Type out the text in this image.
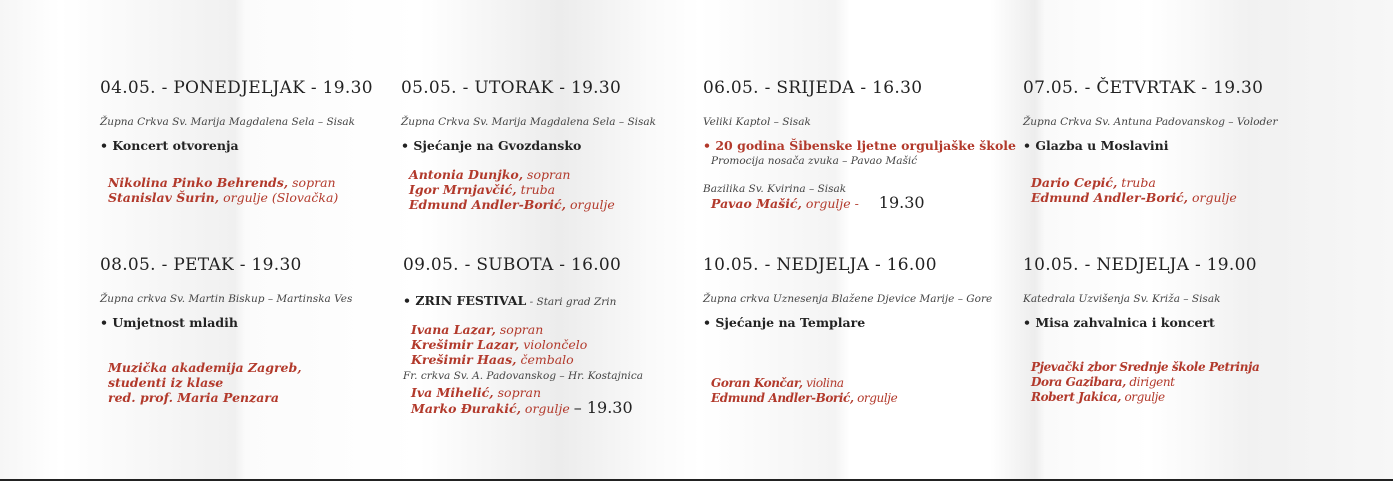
04.05. - PONEDJELJAK - 19.30
Župna Crkva Sv. Marija Magdalena Sela – Sisak
• Koncert otvorenja
Nikolina Pinko Behrends, sopran
Stanislav Šurin, orgulje (Slovačka)
05.05. - UTORAK - 19.30
Župna Crkva Sv. Marija Magdalena Sela – Sisak
• Sjećanje na Gvozdansko
Antonia Dunjko, sopran
Igor Mrnjavčić, truba
Edmund Andler-Borić, orgulje
06.05. - SRIJEDA - 16.30
Veliki Kaptol – Sisak
• 20 godina Šibenske ljetne orguljaške škole
Promocija nosača zvuka – Pavao Mašić
Bazilika Sv. Kvirina – Sisak
Pavao Mašić, orgulje - 19.30
07.05. - ČETVRTAK - 19.30
Župna Crkva Sv. Antuna Padovanskog – Voloder
• Glazba u Moslavini
Dario Cepić, truba
Edmund Andler-Borić, orgulje
08.05. - PETAK - 19.30
Župna crkva Sv. Martin Biskup – Martinska Ves
• Umjetnost mladih
Muzička akademija Zagreb,
studenti iz klase
red. prof. Maria Penzara
09.05. - SUBOTA - 16.00
• ZRIN FESTIVAL - Stari grad Zrin
Ivana Lazar, sopran
Krešimir Lazar, violončelo
Krešimir Haas, čembalo
Fr. crkva Sv. A. Padovanskog – Hr. Kostajnica
Iva Mihelić, sopran
Marko Đurakić, orgulje – 19.30
10.05. - NEDJELJA - 16.00
Župna crkva Uznesenja Blažene Djevice Marije – Gore
• Sjećanje na Templare
Goran Končar, violina
Edmund Andler-Borić, orgulje
10.05. - NEDJELJA - 19.00
Katedrala Uzvišenja Sv. Križa – Sisak
• Misa zahvalnica i koncert
Pjevački zbor Srednje škole Petrinja
Dora Gazibara, dirigent
Robert Jakica, orgulje
